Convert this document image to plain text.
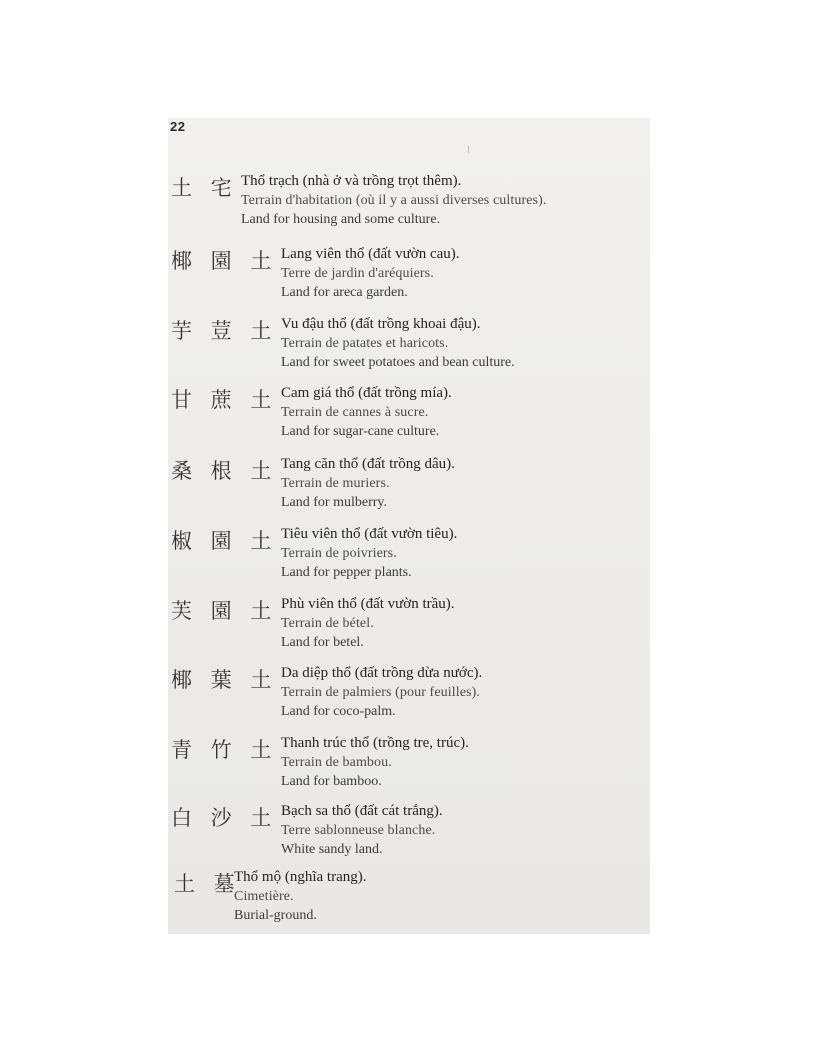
22
土 宅 Thổ trạch (nhà ở và trồng trọt thêm).
Terrain d'habitation (où il y a aussi diverses cultures).
Land for housing and some culture.
椰 園 土 Lang viên thổ (đất vườn cau).
Terre de jardin d'aréquiers.
Land for areca garden.
芋 荳 土 Vu đậu thổ (đất trồng khoai đậu).
Terrain de patates et haricots.
Land for sweet potatoes and bean culture.
甘 蔗 土 Cam giá thổ (đất trồng mía).
Terrain de cannes à sucre.
Land for sugar-cane culture.
桑 根 土 Tang căn thổ (đất trồng dâu).
Terrain de muriers.
Land for mulberry.
椒 園 土 Tiêu viên thổ (đất vườn tiêu).
Terrain de poivriers.
Land for pepper plants.
芙 園 土 Phù viên thổ (đất vườn trầu).
Terrain de bétel.
Land for betel.
椰 葉 土 Da diệp thổ (đất trồng dừa nước).
Terrain de palmiers (pour feuilles).
Land for coco-palm.
青 竹 土 Thanh trúc thổ (trồng tre, trúc).
Terrain de bambou.
Land for bamboo.
白 沙 土 Bạch sa thổ (đất cát trắng).
Terre sablonneuse blanche.
White sandy land.
土 墓
Thổ mộ (nghĩa trang).
Cimetière.
Burial-ground.
